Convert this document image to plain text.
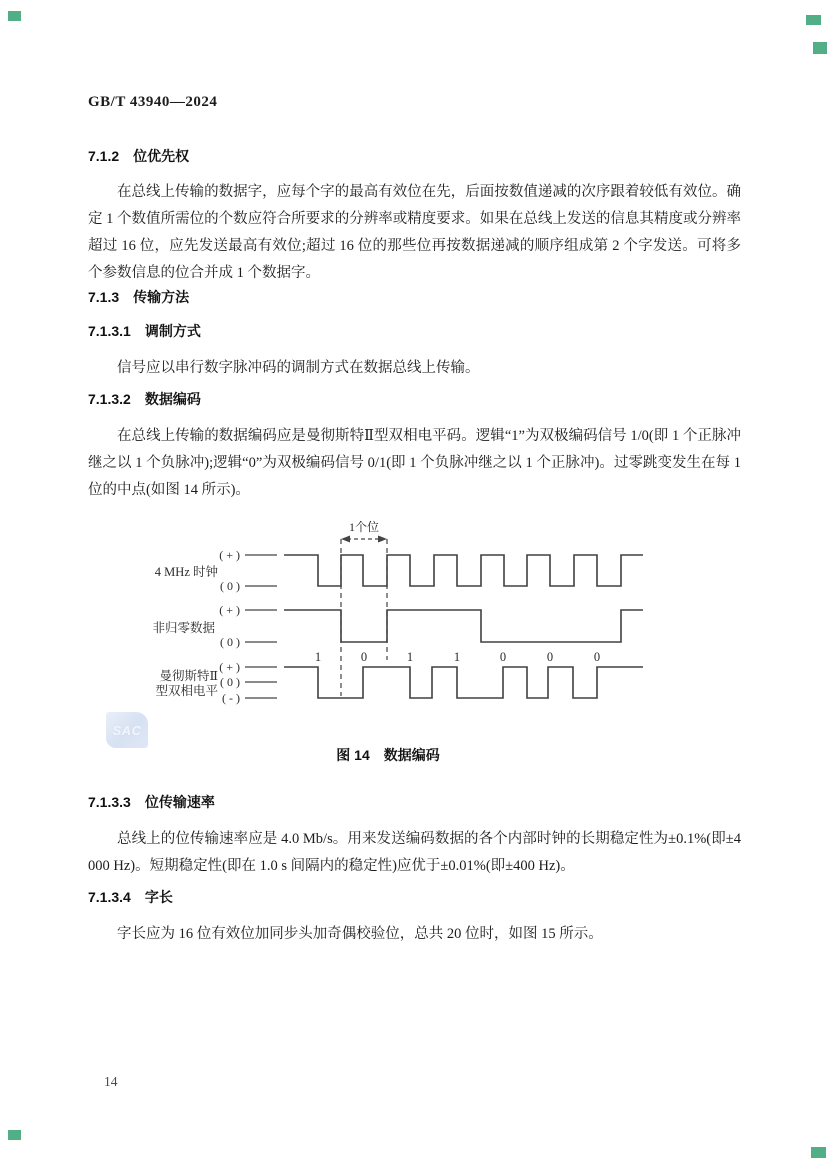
GB/T 43940—2024
7.1.2 位优先权
在总线上传输的数据字，应每个字的最高有效位在先，后面按数值递减的次序跟着较低有效位。确定 1 个数值所需位的个数应符合所要求的分辨率或精度要求。如果在总线上发送的信息其精度或分辨率超过 16 位，应先发送最高有效位;超过 16 位的那些位再按数据递减的顺序组成第 2 个字发送。可将多个参数信息的位合并成 1 个数据字。
7.1.3 传输方法
7.1.3.1 调制方式
信号应以串行数字脉冲码的调制方式在数据总线上传输。
7.1.3.2 数据编码
在总线上传输的数据编码应是曼彻斯特Ⅱ型双相电平码。逻辑“1”为双极编码信号 1/0(即 1 个正脉冲继之以 1 个负脉冲);逻辑“0”为双极编码信号 0/1(即 1 个负脉冲继之以 1 个正脉冲)。过零跳变发生在每 1 位的中点(如图 14 所示)。
1个位
4 MHz 时钟
( + )
( 0 )
非归零数据
( + )
( 0 )
1	0	1	1	0	0	0
曼彻斯特Ⅱ
型双相电平
( + )
( 0 )
( - )
SAC
图 14　数据编码
7.1.3.3 位传输速率
总线上的位传输速率应是 4.0 Mb/s。用来发送编码数据的各个内部时钟的长期稳定性为±0.1%(即±4 000 Hz)。短期稳定性(即在 1.0 s 间隔内的稳定性)应优于±0.01%(即±400 Hz)。
7.1.3.4 字长
字长应为 16 位有效位加同步头加奇偶校验位，总共 20 位时，如图 15 所示。
14
